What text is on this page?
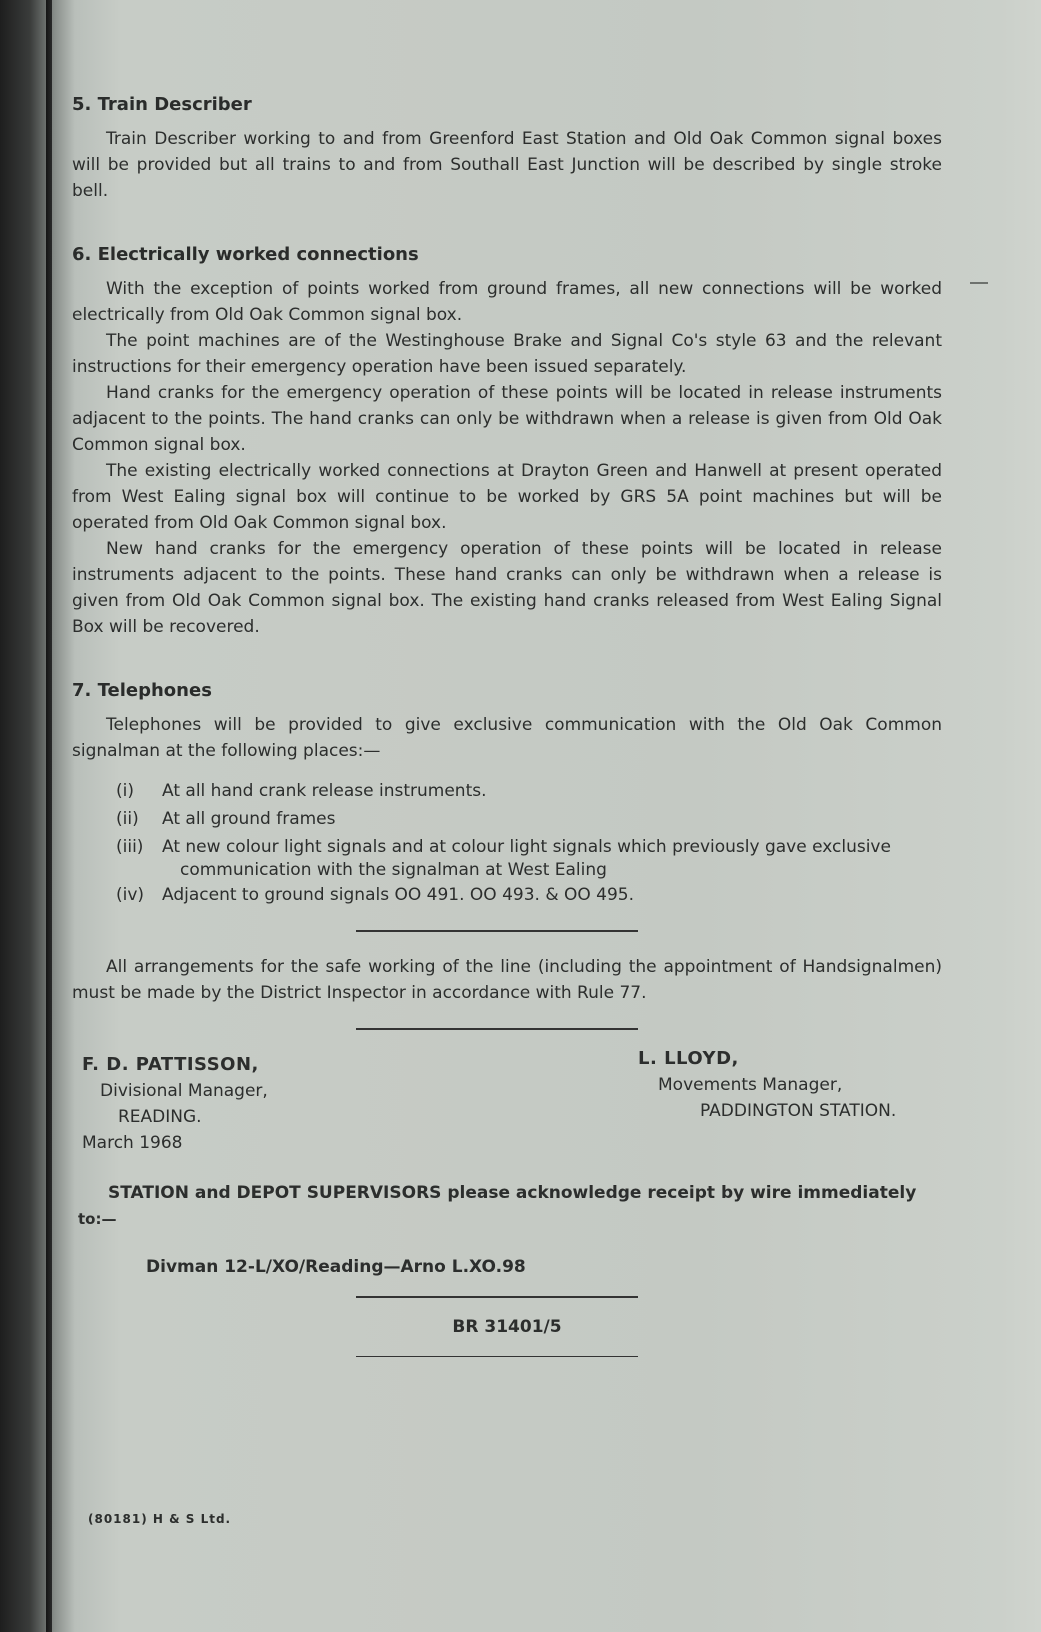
5. Train Describer

Train Describer working to and from Greenford East Station and Old Oak Common signal boxes will be provided but all trains to and from Southall East Junction will be described by single stroke bell.

6. Electrically worked connections

With the exception of points worked from ground frames, all new connections will be worked electrically from Old Oak Common signal box.

The point machines are of the Westinghouse Brake and Signal Co's style 63 and the relevant instructions for their emergency operation have been issued separately.

Hand cranks for the emergency operation of these points will be located in release instruments adjacent to the points. The hand cranks can only be withdrawn when a release is given from Old Oak Common signal box.

The existing electrically worked connections at Drayton Green and Hanwell at present operated from West Ealing signal box will continue to be worked by GRS 5A point machines but will be operated from Old Oak Common signal box.

New hand cranks for the emergency operation of these points will be located in release instruments adjacent to the points. These hand cranks can only be withdrawn when a release is given from Old Oak Common signal box. The existing hand cranks released from West Ealing Signal Box will be recovered.

7. Telephones

Telephones will be provided to give exclusive communication with the Old Oak Common signalman at the following places:—

(i)	At all hand crank release instruments.
(ii)	At all ground frames
(iii)	At new colour light signals and at colour light signals which previously gave exclusive
communication with the signalman at West Ealing
(iv)	Adjacent to ground signals OO 491. OO 493. & OO 495.

All arrangements for the safe working of the line (including the appointment of Handsignalmen) must be made by the District Inspector in accordance with Rule 77.

F. D. PATTISSON,
Divisional Manager,
READING.
March 1968
L. LLOYD,
Movements Manager,
PADDINGTON STATION.
STATION and DEPOT SUPERVISORS please acknowledge receipt by wire immediately
to:—
Divman 12-L/XO/Reading—Arno L.XO.98
BR 31401/5
(80181) H & S Ltd.
